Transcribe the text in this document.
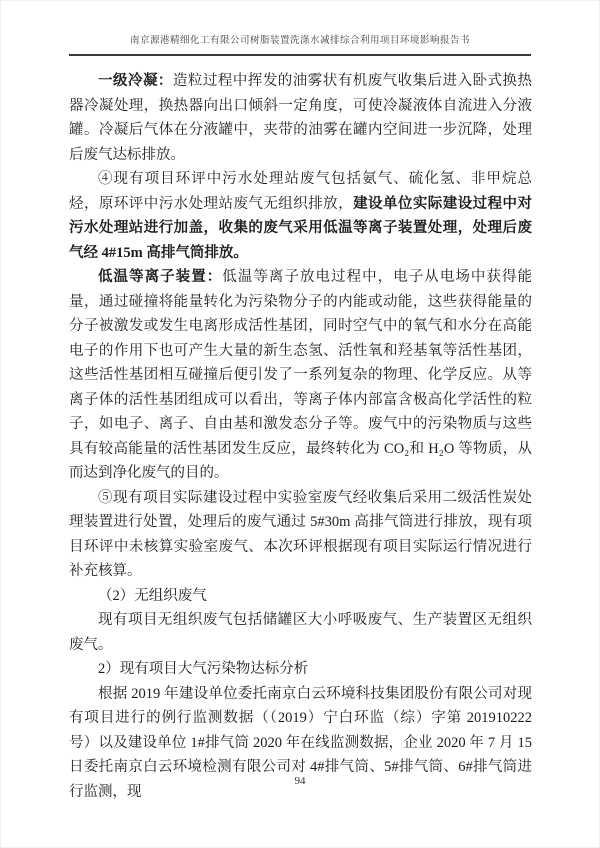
南京源港精细化工有限公司树脂装置洗涤水减排综合利用项目环境影响报告书

一级冷凝：造粒过程中挥发的油雾状有机废气收集后进入卧式换热器冷凝处理，换热器向出口倾斜一定角度，可使冷凝液体自流进入分液罐。冷凝后气体在分液罐中，夹带的油雾在罐内空间进一步沉降，处理后废气达标排放。

④现有项目环评中污水处理站废气包括氨气、硫化氢、非甲烷总烃，原环评中污水处理站废气无组织排放，建设单位实际建设过程中对污水处理站进行加盖，收集的废气采用低温等离子装置处理，处理后废气经 4#15m 高排气筒排放。

低温等离子装置：低温等离子放电过程中，电子从电场中获得能量，通过碰撞将能量转化为污染物分子的内能或动能，这些获得能量的分子被激发或发生电离形成活性基团，同时空气中的氧气和水分在高能电子的作用下也可产生大量的新生态氢、活性氧和羟基氧等活性基团，这些活性基团相互碰撞后便引发了一系列复杂的物理、化学反应。从等离子体的活性基团组成可以看出，等离子体内部富含极高化学活性的粒子，如电子、离子、自由基和激发态分子等。废气中的污染物质与这些具有较高能量的活性基团发生反应，最终转化为 CO₂和 H₂O 等物质，从而达到净化废气的目的。

⑤现有项目实际建设过程中实验室废气经收集后采用二级活性炭处理装置进行处置，处理后的废气通过 5#30m 高排气筒进行排放，现有项目环评中未核算实验室废气、本次环评根据现有项目实际运行情况进行补充核算。

（2）无组织废气

现有项目无组织废气包括储罐区大小呼吸废气、生产装置区无组织废气。

2）现有项目大气污染物达标分析

根据 2019 年建设单位委托南京白云环境科技集团股份有限公司对现有项目进行的例行监测数据（（2019）宁白环监（综）字第 201910222 号）以及建设单位 1#排气筒 2020 年在线监测数据，企业 2020 年 7 月 15 日委托南京白云环境检测有限公司对 4#排气筒、5#排气筒、6#排气筒进行监测，现

94
